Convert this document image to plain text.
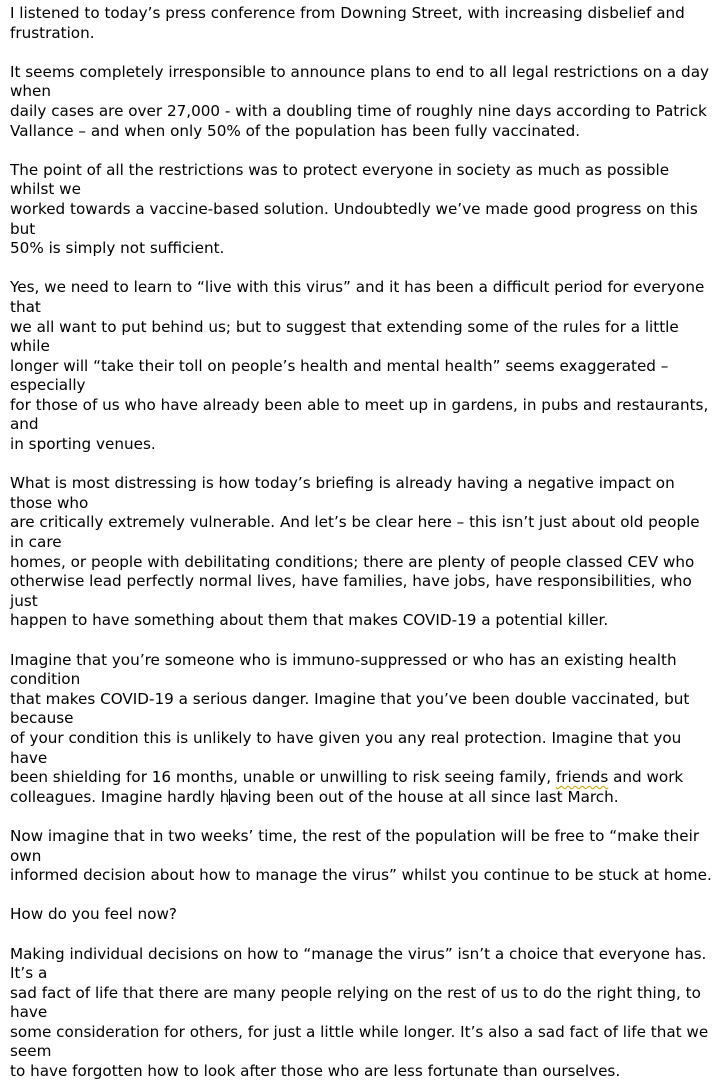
I listened to today’s press conference from Downing Street, with increasing disbelief and
frustration.

It seems completely irresponsible to announce plans to end to all legal restrictions on a day when
daily cases are over 27,000 - with a doubling time of roughly nine days according to Patrick
Vallance – and when only 50% of the population has been fully vaccinated.

The point of all the restrictions was to protect everyone in society as much as possible whilst we
worked towards a vaccine-based solution. Undoubtedly we’ve made good progress on this but
50% is simply not sufficient.

Yes, we need to learn to “live with this virus” and it has been a difficult period for everyone that
we all want to put behind us; but to suggest that extending some of the rules for a little while
longer will “take their toll on people’s health and mental health” seems exaggerated – especially
for those of us who have already been able to meet up in gardens, in pubs and restaurants, and
in sporting venues.

What is most distressing is how today’s briefing is already having a negative impact on those who
are critically extremely vulnerable. And let’s be clear here – this isn’t just about old people in care
homes, or people with debilitating conditions; there are plenty of people classed CEV who
otherwise lead perfectly normal lives, have families, have jobs, have responsibilities, who just
happen to have something about them that makes COVID-19 a potential killer.

Imagine that you’re someone who is immuno-suppressed or who has an existing health condition
that makes COVID-19 a serious danger. Imagine that you’ve been double vaccinated, but because
of your condition this is unlikely to have given you any real protection. Imagine that you have
been shielding for 16 months, unable or unwilling to risk seeing family, friends and work
colleagues. Imagine hardly having been out of the house at all since last March.

Now imagine that in two weeks’ time, the rest of the population will be free to “make their own
informed decision about how to manage the virus” whilst you continue to be stuck at home.

How do you feel now?

Making individual decisions on how to “manage the virus” isn’t a choice that everyone has. It’s a
sad fact of life that there are many people relying on the rest of us to do the right thing, to have
some consideration for others, for just a little while longer. It’s also a sad fact of life that we seem
to have forgotten how to look after those who are less fortunate than ourselves.
